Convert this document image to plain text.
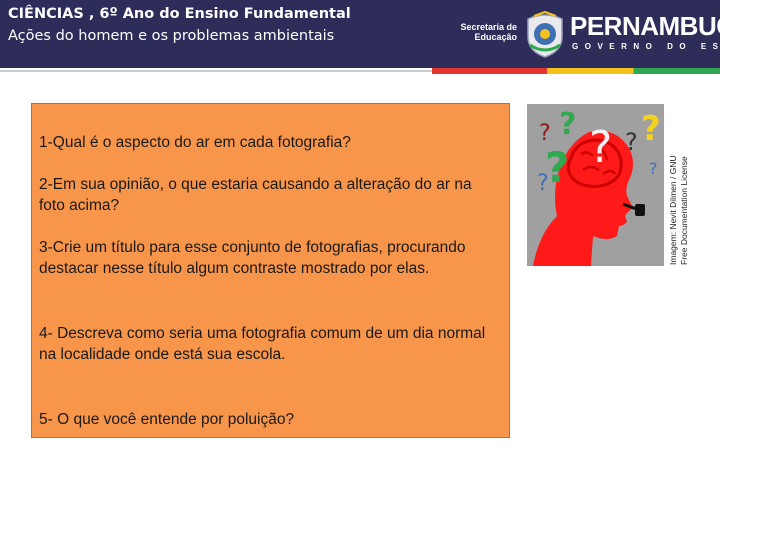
CIÊNCIAS , 6º Ano do Ensino Fundamental
Ações do homem e os problemas ambientais
Secretaria de
Educação PERNAMBUCO
GOVERNO DO ESTADO
1-Qual é o aspecto do ar em cada fotografia?
2-Em sua opinião, o que estaria causando a alteração do ar na foto acima?
3-Crie um título para esse conjunto de fotografias, procurando destacar nesse título algum contraste mostrado por elas.
4- Descreva como seria uma fotografia comum de um dia normal na localidade onde está sua escola.
5- O que você entende por poluição?
? ? ? ? ?
?
?
? Imagem: Nevit Dilmen / GNU Free Documentation License
